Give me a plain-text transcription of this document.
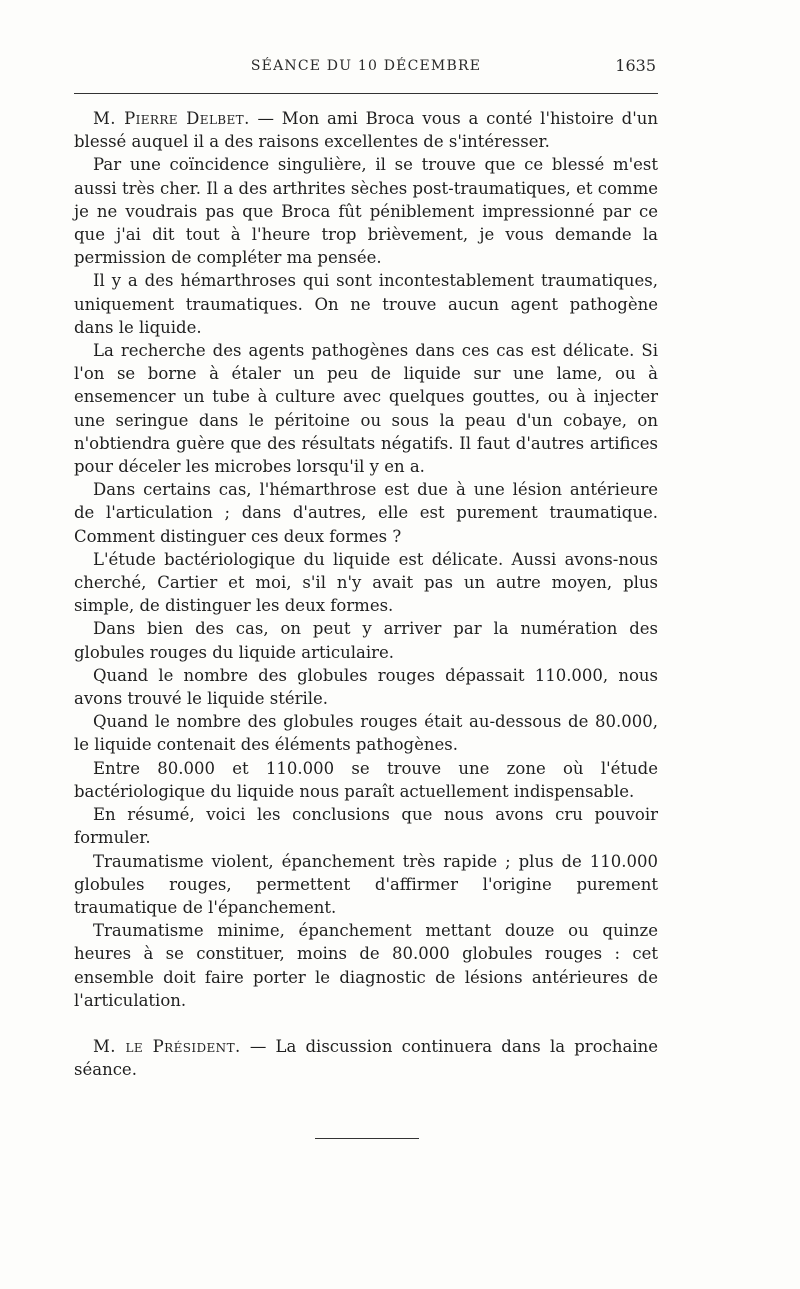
SÉANCE DU 10 DÉCEMBRE	1635

M. Pierre Delbet. — Mon ami Broca vous a conté l'histoire d'un blessé auquel il a des raisons excellentes de s'intéresser.

Par une coïncidence singulière, il se trouve que ce blessé m'est aussi très cher. Il a des arthrites sèches post-traumatiques, et comme je ne voudrais pas que Broca fût péniblement impressionné par ce que j'ai dit tout à l'heure trop brièvement, je vous demande la permission de compléter ma pensée.

Il y a des hémarthroses qui sont incontestablement traumatiques, uniquement traumatiques. On ne trouve aucun agent pathogène dans le liquide.

La recherche des agents pathogènes dans ces cas est délicate. Si l'on se borne à étaler un peu de liquide sur une lame, ou à ensemencer un tube à culture avec quelques gouttes, ou à injecter une seringue dans le péritoine ou sous la peau d'un cobaye, on n'obtiendra guère que des résultats négatifs. Il faut d'autres artifices pour déceler les microbes lorsqu'il y en a.

Dans certains cas, l'hémarthrose est due à une lésion antérieure de l'articulation ; dans d'autres, elle est purement traumatique. Comment distinguer ces deux formes ?

L'étude bactériologique du liquide est délicate. Aussi avons-nous cherché, Cartier et moi, s'il n'y avait pas un autre moyen, plus simple, de distinguer les deux formes.

Dans bien des cas, on peut y arriver par la numération des globules rouges du liquide articulaire.

Quand le nombre des globules rouges dépassait 110.000, nous avons trouvé le liquide stérile.

Quand le nombre des globules rouges était au-dessous de 80.000, le liquide contenait des éléments pathogènes.

Entre 80.000 et 110.000 se trouve une zone où l'étude bactériologique du liquide nous paraît actuellement indispensable.

En résumé, voici les conclusions que nous avons cru pouvoir formuler.

Traumatisme violent, épanchement très rapide ; plus de 110.000 globules rouges, permettent d'affirmer l'origine purement traumatique de l'épanchement.

Traumatisme minime, épanchement mettant douze ou quinze heures à se constituer, moins de 80.000 globules rouges : cet ensemble doit faire porter le diagnostic de lésions antérieures de l'articulation.

M. le Président. — La discussion continuera dans la prochaine séance.
